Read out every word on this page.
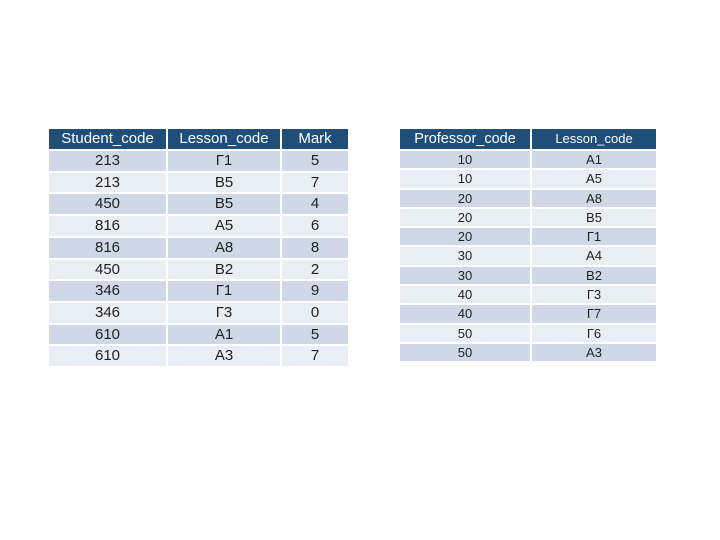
Student_code	Lesson_code	Mark
213	Г1	5
213	В5	7
450	В5	4
816	А5	6
816	А8	8
450	В2	2
346	Г1	9
346	Г3	0
610	А1	5
610	А3	7
Professor_code	Lesson_code
10	А1
10	А5
20	А8
20	В5
20	Г1
30	А4
30	В2
40	Г3
40	Г7
50	Г6
50	А3
